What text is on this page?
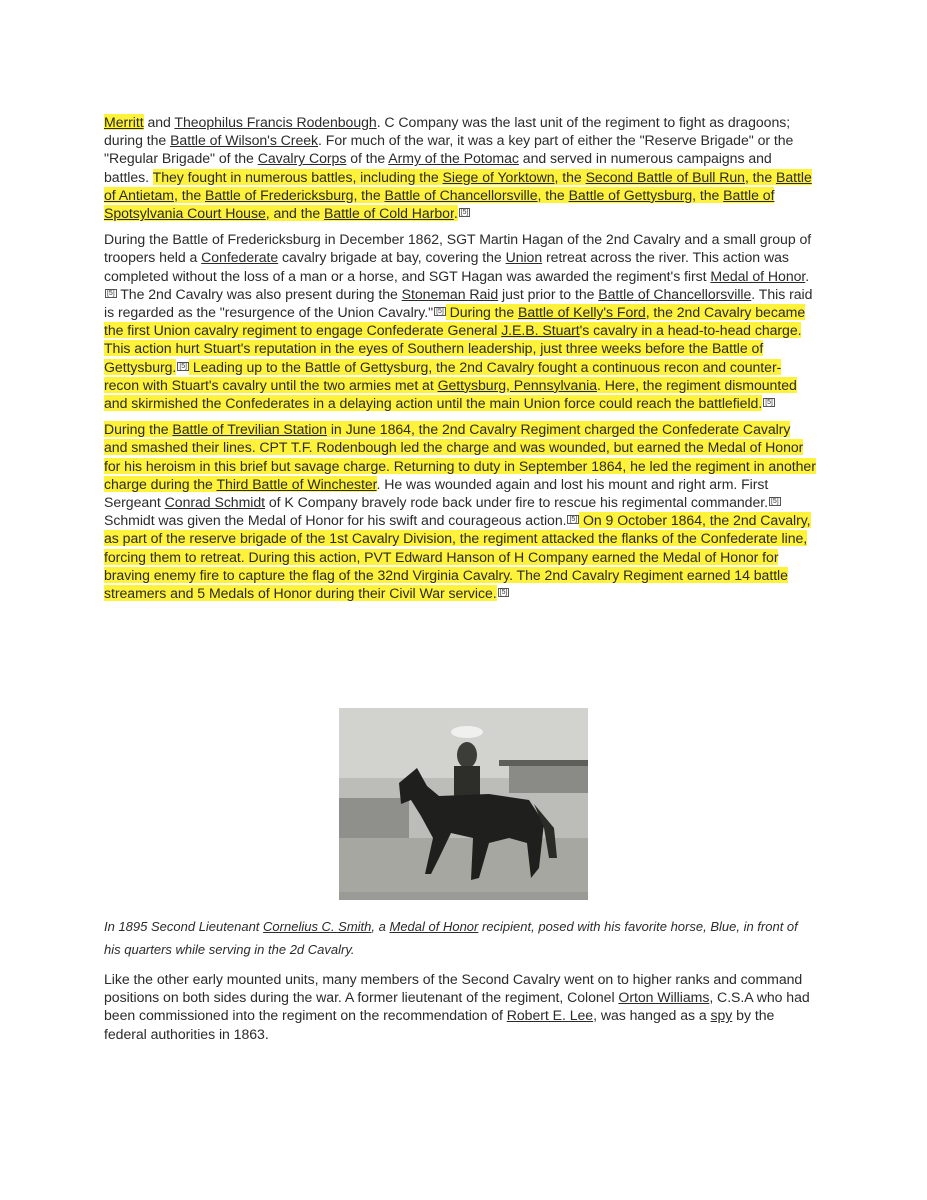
Merritt and Theophilus Francis Rodenbough. C Company was the last unit of the regiment to fight as dragoons; during the Battle of Wilson's Creek. For much of the war, it was a key part of either the "Reserve Brigade" or the "Regular Brigade" of the Cavalry Corps of the Army of the Potomac and served in numerous campaigns and battles. They fought in numerous battles, including the Siege of Yorktown, the Second Battle of Bull Run, the Battle of Antietam, the Battle of Fredericksburg, the Battle of Chancellorsville, the Battle of Gettysburg, the Battle of Spotsylvania Court House, and the Battle of Cold Harbor. [5]

During the Battle of Fredericksburg in December 1862, SGT Martin Hagan of the 2nd Cavalry and a small group of troopers held a Confederate cavalry brigade at bay, covering the Union retreat across the river. This action was completed without the loss of a man or a horse, and SGT Hagan was awarded the regiment's first Medal of Honor.[5] The 2nd Cavalry was also present during the Stoneman Raid just prior to the Battle of Chancellorsville. This raid is regarded as the "resurgence of the Union Cavalry." [5] During the Battle of Kelly's Ford, the 2nd Cavalry became the first Union cavalry regiment to engage Confederate General J.E.B. Stuart's cavalry in a head-to-head charge. This action hurt Stuart's reputation in the eyes of Southern leadership, just three weeks before the Battle of Gettysburg. [5] Leading up to the Battle of Gettysburg, the 2nd Cavalry fought a continuous recon and counter-recon with Stuart's cavalry until the two armies met at Gettysburg, Pennsylvania. Here, the regiment dismounted and skirmished the Confederates in a delaying action until the main Union force could reach the battlefield. [5]

During the Battle of Trevilian Station in June 1864, the 2nd Cavalry Regiment charged the Confederate Cavalry and smashed their lines. CPT T.F. Rodenbough led the charge and was wounded, but earned the Medal of Honor for his heroism in this brief but savage charge. Returning to duty in September 1864, he led the regiment in another charge during the Third Battle of Winchester. He was wounded again and lost his mount and right arm. First Sergeant Conrad Schmidt of K Company bravely rode back under fire to rescue his regimental commander. [5] Schmidt was given the Medal of Honor for his swift and courageous action. [5] On 9 October 1864, the 2nd Cavalry, as part of the reserve brigade of the 1st Cavalry Division, the regiment attacked the flanks of the Confederate line, forcing them to retreat. During this action, PVT Edward Hanson of H Company earned the Medal of Honor for braving enemy fire to capture the flag of the 32nd Virginia Cavalry. The 2nd Cavalry Regiment earned 14 battle streamers and 5 Medals of Honor during their Civil War service. [5]

In 1895 Second Lieutenant Cornelius C. Smith, a Medal of Honor recipient, posed with his favorite horse, Blue, in front of his quarters while serving in the 2d Cavalry.

Like the other early mounted units, many members of the Second Cavalry went on to higher ranks and command positions on both sides during the war. A former lieutenant of the regiment, Colonel Orton Williams, C.S.A who had been commissioned into the regiment on the recommendation of Robert E. Lee, was hanged as a spy by the federal authorities in 1863.
